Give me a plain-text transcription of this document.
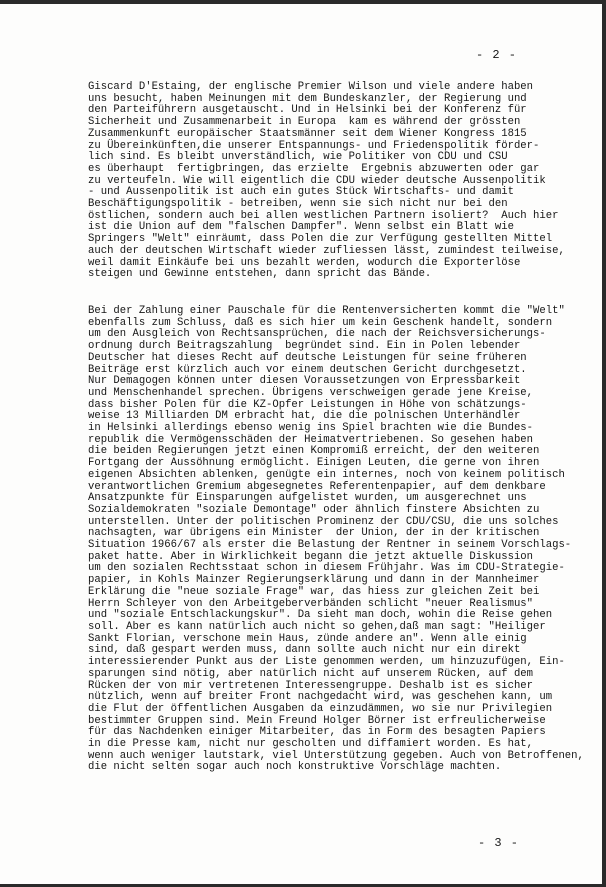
- 2 -

Giscard D'Estaing, der englische Premier Wilson und viele andere haben
uns besucht, haben Meinungen mit dem Bundeskanzler, der Regierung und
den Parteiführern ausgetauscht. Und in Helsinki bei der Konferenz für
Sicherheit und Zusammenarbeit in Europa  kam es während der grössten
Zusammenkunft europäischer Staatsmänner seit dem Wiener Kongress 1815
zu Übereinkünften,die unserer Entspannungs- und Friedenspolitik förder-
lich sind. Es bleibt unverständlich, wie Politiker von CDU und CSU
es überhaupt  fertigbringen, das erzielte  Ergebnis abzuwerten oder gar
zu verteufeln. Wie will eigentlich die CDU wieder deutsche Aussenpolitik
- und Aussenpolitik ist auch ein gutes Stück Wirtschafts- und damit
Beschäftigungspolitik - betreiben, wenn sie sich nicht nur bei den
östlichen, sondern auch bei allen westlichen Partnern isoliert?  Auch hier
ist die Union auf dem "falschen Dampfer". Wenn selbst ein Blatt wie
Springers "Welt" einräumt, dass Polen die zur Verfügung gestellten Mittel
auch der deutschen Wirtschaft wieder zufliessen lässt, zumindest teilweise,
weil damit Einkäufe bei uns bezahlt werden, wodurch die Exporterlöse
steigen und Gewinne entstehen, dann spricht das Bände.

Bei der Zahlung einer Pauschale für die Rentenversicherten kommt die "Welt"
ebenfalls zum Schluss, daß es sich hier um kein Geschenk handelt, sondern
um den Ausgleich von Rechtsansprüchen, die nach der Reichsversicherungs-
ordnung durch Beitragszahlung  begründet sind. Ein in Polen lebender
Deutscher hat dieses Recht auf deutsche Leistungen für seine früheren
Beiträge erst kürzlich auch vor einem deutschen Gericht durchgesetzt.
Nur Demagogen können unter diesen Voraussetzungen von Erpressbarkeit
und Menschenhandel sprechen. Übrigens verschweigen gerade jene Kreise,
dass bisher Polen für die KZ-Opfer Leistungen in Höhe von schätzungs-
weise 13 Milliarden DM erbracht hat, die die polnischen Unterhändler
in Helsinki allerdings ebenso wenig ins Spiel brachten wie die Bundes-
republik die Vermögensschäden der Heimatvertriebenen. So gesehen haben
die beiden Regierungen jetzt einen Kompromiß erreicht, der den weiteren
Fortgang der Aussöhnung ermöglicht. Einigen Leuten, die gerne von ihren
eigenen Absichten ablenken, genügte ein internes, noch von keinem politisch
verantwortlichen Gremium abgesegnetes Referentenpapier, auf dem denkbare
Ansatzpunkte für Einsparungen aufgelistet wurden, um ausgerechnet uns
Sozialdemokraten "soziale Demontage" oder ähnlich finstere Absichten zu
unterstellen. Unter der politischen Prominenz der CDU/CSU, die uns solches
nachsagten, war übrigens ein Minister  der Union, der in der kritischen
Situation 1966/67 als erster die Belastung der Rentner in seinem Vorschlags-
paket hatte. Aber in Wirklichkeit begann die jetzt aktuelle Diskussion
um den sozialen Rechtsstaat schon in diesem Frühjahr. Was im CDU-Strategie-
papier, in Kohls Mainzer Regierungserklärung und dann in der Mannheimer
Erklärung die "neue soziale Frage" war, das hiess zur gleichen Zeit bei
Herrn Schleyer von den Arbeitgeberverbänden schlicht "neuer Realismus"
und "soziale Entschlackungskur". Da sieht man doch, wohin die Reise gehen
soll. Aber es kann natürlich auch nicht so gehen,daß man sagt: "Heiliger
Sankt Florian, verschone mein Haus, zünde andere an". Wenn alle einig
sind, daß gespart werden muss, dann sollte auch nicht nur ein direkt
interessierender Punkt aus der Liste genommen werden, um hinzuzufügen, Ein-
sparungen sind nötig, aber natürlich nicht auf unserem Rücken, auf dem
Rücken der von mir vertretenen Interessengruppe. Deshalb ist es sicher
nützlich, wenn auf breiter Front nachgedacht wird, was geschehen kann, um
die Flut der öffentlichen Ausgaben da einzudämmen, wo sie nur Privilegien
bestimmter Gruppen sind. Mein Freund Holger Börner ist erfreulicherweise
für das Nachdenken einiger Mitarbeiter, das in Form des besagten Papiers
in die Presse kam, nicht nur gescholten und diffamiert worden. Es hat,
wenn auch weniger lautstark, viel Unterstützung gegeben. Auch von Betroffenen,
die nicht selten sogar auch noch konstruktive Vorschläge machten.

- 3 -
